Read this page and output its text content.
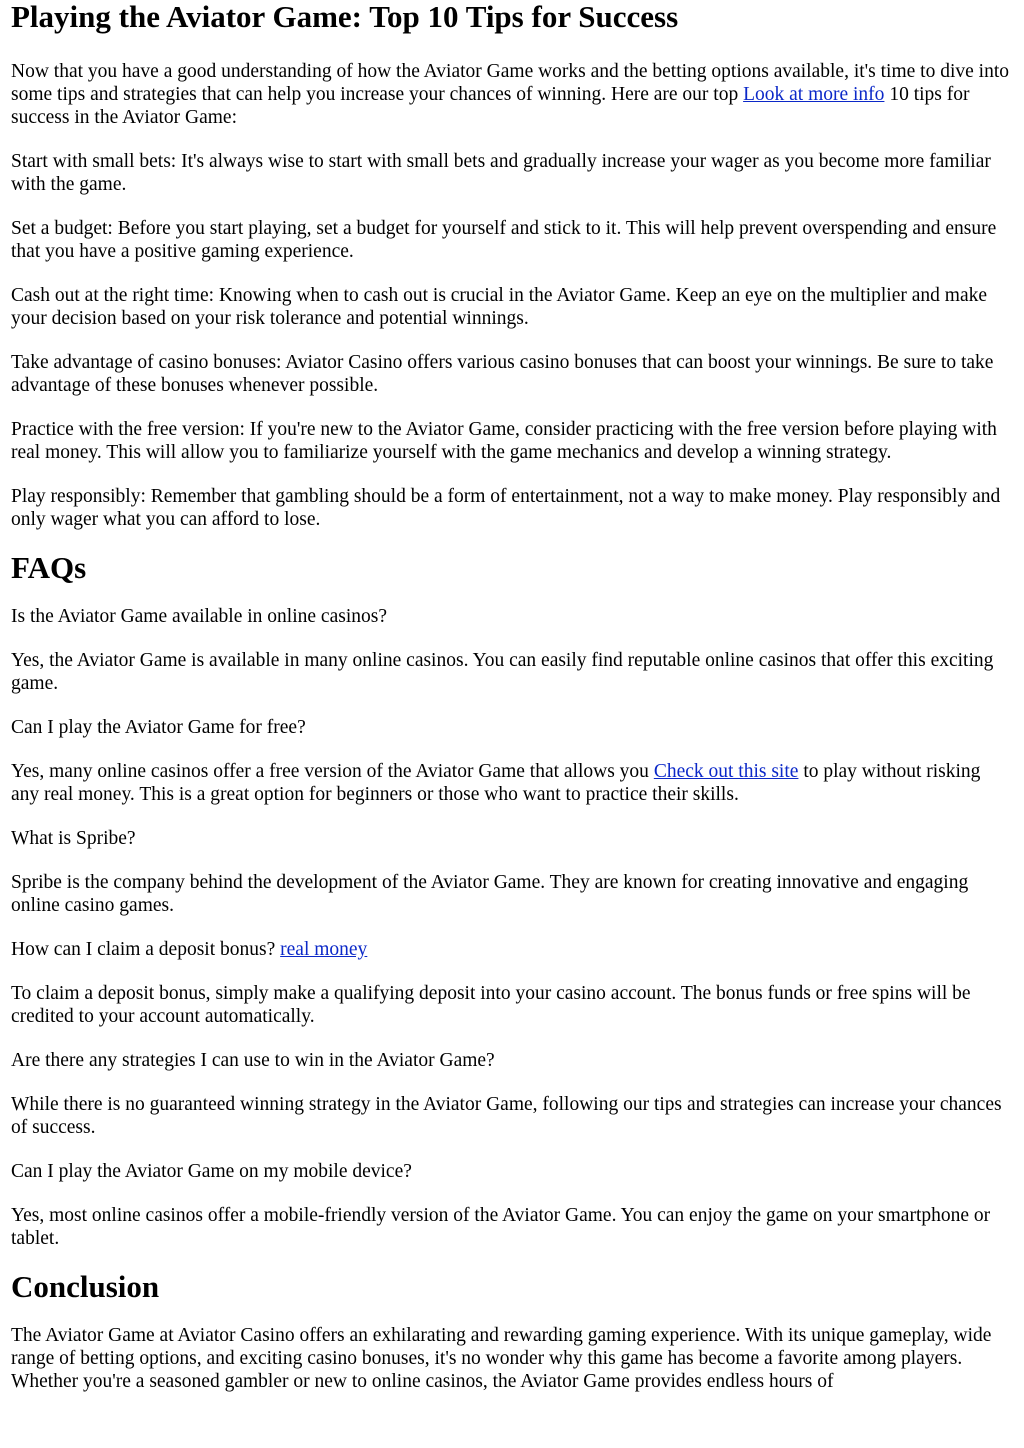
Playing the Aviator Game: Top 10 Tips for Success

Now that you have a good understanding of how the Aviator Game works and the betting options available, it's time to dive into some tips and strategies that can help you increase your chances of winning. Here are our top Look at more info 10 tips for success in the Aviator Game:

Start with small bets: It's always wise to start with small bets and gradually increase your wager as you become more familiar with the game.

Set a budget: Before you start playing, set a budget for yourself and stick to it. This will help prevent overspending and ensure that you have a positive gaming experience.

Cash out at the right time: Knowing when to cash out is crucial in the Aviator Game. Keep an eye on the multiplier and make your decision based on your risk tolerance and potential winnings.

Take advantage of casino bonuses: Aviator Casino offers various casino bonuses that can boost your winnings. Be sure to take advantage of these bonuses whenever possible.

Practice with the free version: If you're new to the Aviator Game, consider practicing with the free version before playing with real money. This will allow you to familiarize yourself with the game mechanics and develop a winning strategy.

Play responsibly: Remember that gambling should be a form of entertainment, not a way to make money. Play responsibly and only wager what you can afford to lose.

FAQs

Is the Aviator Game available in online casinos?

Yes, the Aviator Game is available in many online casinos. You can easily find reputable online casinos that offer this exciting game.

Can I play the Aviator Game for free?

Yes, many online casinos offer a free version of the Aviator Game that allows you Check out this site to play without risking any real money. This is a great option for beginners or those who want to practice their skills.

What is Spribe?

Spribe is the company behind the development of the Aviator Game. They are known for creating innovative and engaging online casino games.

How can I claim a deposit bonus? real money

To claim a deposit bonus, simply make a qualifying deposit into your casino account. The bonus funds or free spins will be credited to your account automatically.

Are there any strategies I can use to win in the Aviator Game?

While there is no guaranteed winning strategy in the Aviator Game, following our tips and strategies can increase your chances of success.

Can I play the Aviator Game on my mobile device?

Yes, most online casinos offer a mobile-friendly version of the Aviator Game. You can enjoy the game on your smartphone or tablet.

Conclusion

The Aviator Game at Aviator Casino offers an exhilarating and rewarding gaming experience. With its unique gameplay, wide range of betting options, and exciting casino bonuses, it's no wonder why this game has become a favorite among players. Whether you're a seasoned gambler or new to online casinos, the Aviator Game provides endless hours of
